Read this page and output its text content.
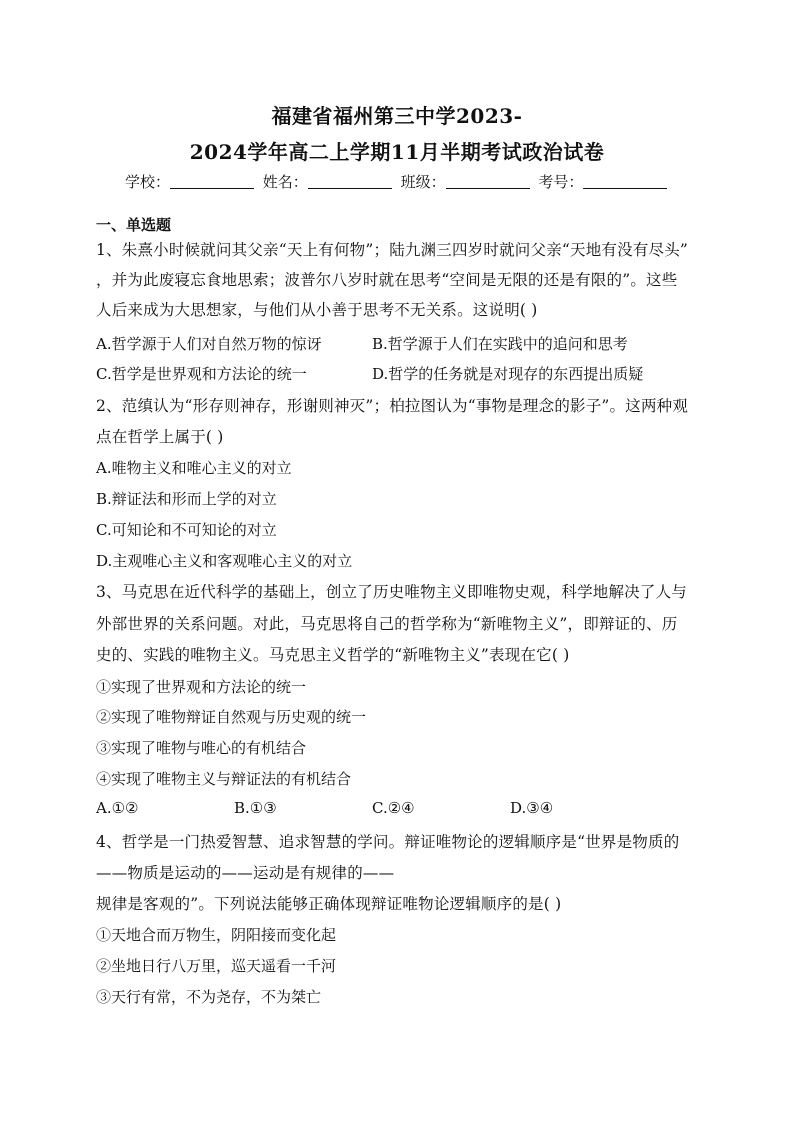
福建省福州第三中学2023-
2024学年高二上学期11月半期考试政治试卷
学校：	姓名：	班级：	考号：
一、单选题
1、朱熹小时候就问其父亲“天上有何物”；陆九渊三四岁时就问父亲“天地有没有尽头”
，并为此废寝忘食地思索；波普尔八岁时就在思考“空间是无限的还是有限的”。这些
人后来成为大思想家，与他们从小善于思考不无关系。这说明( )
A.哲学源于人们对自然万物的惊讶	B.哲学源于人们在实践中的追问和思考
C.哲学是世界观和方法论的统一	D.哲学的任务就是对现存的东西提出质疑
2、范缜认为“形存则神存，形谢则神灭”；柏拉图认为“事物是理念的影子”。这两种观
点在哲学上属于( )
A.唯物主义和唯心主义的对立
B.辩证法和形而上学的对立
C.可知论和不可知论的对立
D.主观唯心主义和客观唯心主义的对立
3、马克思在近代科学的基础上，创立了历史唯物主义即唯物史观，科学地解决了人与
外部世界的关系问题。对此，马克思将自己的哲学称为“新唯物主义”，即辩证的、历
史的、实践的唯物主义。马克思主义哲学的“新唯物主义”表现在它( )
①实现了世界观和方法论的统一
②实现了唯物辩证自然观与历史观的统一
③实现了唯物与唯心的有机结合
④实现了唯物主义与辩证法的有机结合
A.①②	B.①③	C.②④	D.③④
4、哲学是一门热爱智慧、追求智慧的学问。辩证唯物论的逻辑顺序是“世界是物质的
——物质是运动的——运动是有规律的——
规律是客观的”。下列说法能够正确体现辩证唯物论逻辑顺序的是( )
①天地合而万物生，阴阳接而变化起
②坐地日行八万里，巡天遥看一千河
③天行有常，不为尧存，不为桀亡
